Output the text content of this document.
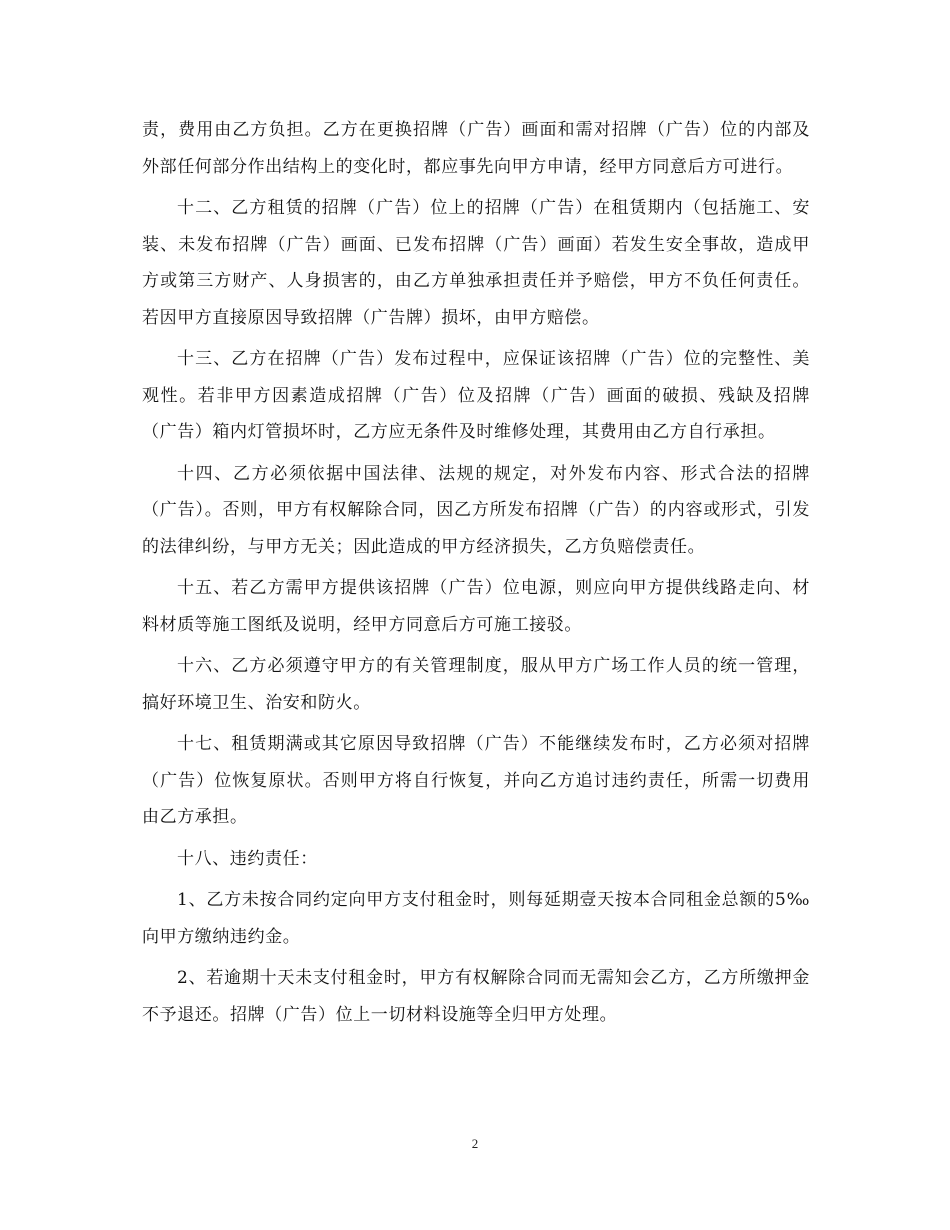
责，费用由乙方负担。乙方在更换招牌（广告）画面和需对招牌（广告）位的内部及外部任何部分作出结构上的变化时，都应事先向甲方申请，经甲方同意后方可进行。

十二、乙方租赁的招牌（广告）位上的招牌（广告）在租赁期内（包括施工、安装、未发布招牌（广告）画面、已发布招牌（广告）画面）若发生安全事故，造成甲方或第三方财产、人身损害的，由乙方单独承担责任并予赔偿，甲方不负任何责任。若因甲方直接原因导致招牌（广告牌）损坏，由甲方赔偿。

十三、乙方在招牌（广告）发布过程中，应保证该招牌（广告）位的完整性、美观性。若非甲方因素造成招牌（广告）位及招牌（广告）画面的破损、残缺及招牌（广告）箱内灯管损坏时，乙方应无条件及时维修处理，其费用由乙方自行承担。

十四、乙方必须依据中国法律、法规的规定，对外发布内容、形式合法的招牌（广告）。否则，甲方有权解除合同，因乙方所发布招牌（广告）的内容或形式，引发的法律纠纷，与甲方无关；因此造成的甲方经济损失，乙方负赔偿责任。

十五、若乙方需甲方提供该招牌（广告）位电源，则应向甲方提供线路走向、材料材质等施工图纸及说明，经甲方同意后方可施工接驳。

十六、乙方必须遵守甲方的有关管理制度，服从甲方广场工作人员的统一管理，搞好环境卫生、治安和防火。

十七、租赁期满或其它原因导致招牌（广告）不能继续发布时，乙方必须对招牌（广告）位恢复原状。否则甲方将自行恢复，并向乙方追讨违约责任，所需一切费用由乙方承担。

十八、违约责任：

1、乙方未按合同约定向甲方支付租金时，则每延期壹天按本合同租金总额的5‰向甲方缴纳违约金。

2、若逾期十天未支付租金时，甲方有权解除合同而无需知会乙方，乙方所缴押金不予退还。招牌（广告）位上一切材料设施等全归甲方处理。

2
